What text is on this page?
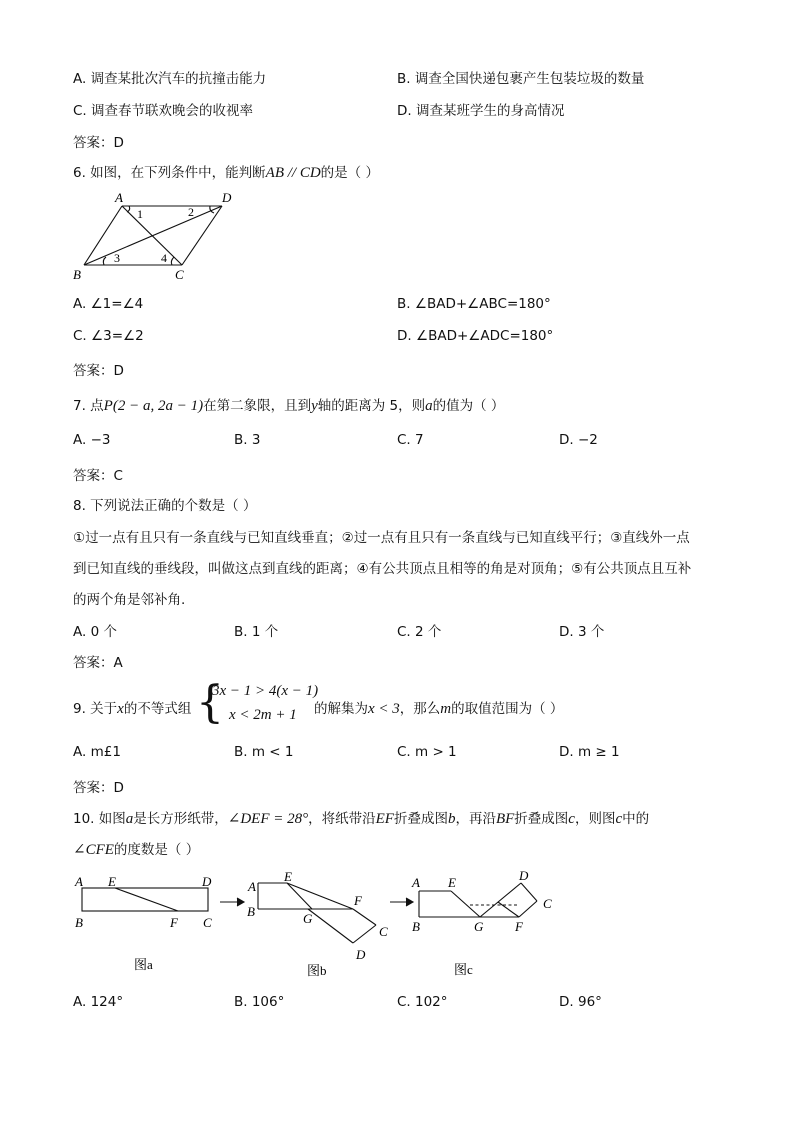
A. 调查某批次汽车的抗撞击能力	B. 调查全国快递包裹产生包装垃圾的数量
C. 调查春节联欢晚会的收视率	D. 调查某班学生的身高情况
答案：D
6. 如图，在下列条件中，能判断AB // CD的是（ ）
A	D
B	C
1	2
3	4
A. ∠1=∠4	B. ∠BAD+∠ABC=180°
C. ∠3=∠2	D. ∠BAD+∠ADC=180°
答案：D
7. 点P(2 − a, 2a − 1)在第二象限，且到y轴的距离为 5，则a的值为（ ）
A. −3	B. 3	C. 7	D. −2
答案：C
8. 下列说法正确的个数是（ ）
①过一点有且只有一条直线与已知直线垂直；②过一点有且只有一条直线与已知直线平行；③直线外一点
到已知直线的垂线段，叫做这点到直线的距离；④有公共顶点且相等的角是对顶角；⑤有公共顶点且互补
的两个角是邻补角.
A. 0 个	B. 1 个	C. 2 个	D. 3 个
答案：A
9. 关于x的不等式组 {
3x − 1 > 4(x − 1)
x < 2m + 1 的解集为x < 3，那么m的取值范围为（ ）
A. m£1	B. m < 1	C. m > 1	D. m ≥ 1
答案：D
10. 如图a是长方形纸带，∠DEF = 28°，将纸带沿EF折叠成图b，再沿BF折叠成图c，则图c中的
∠CFE的度数是（ ）
A E	D
B	F C
图a
A
E
B
F
G
C
D
图b
A E	D
C
B	G F
图c
A. 124°	B. 106°	C. 102°	D. 96°
